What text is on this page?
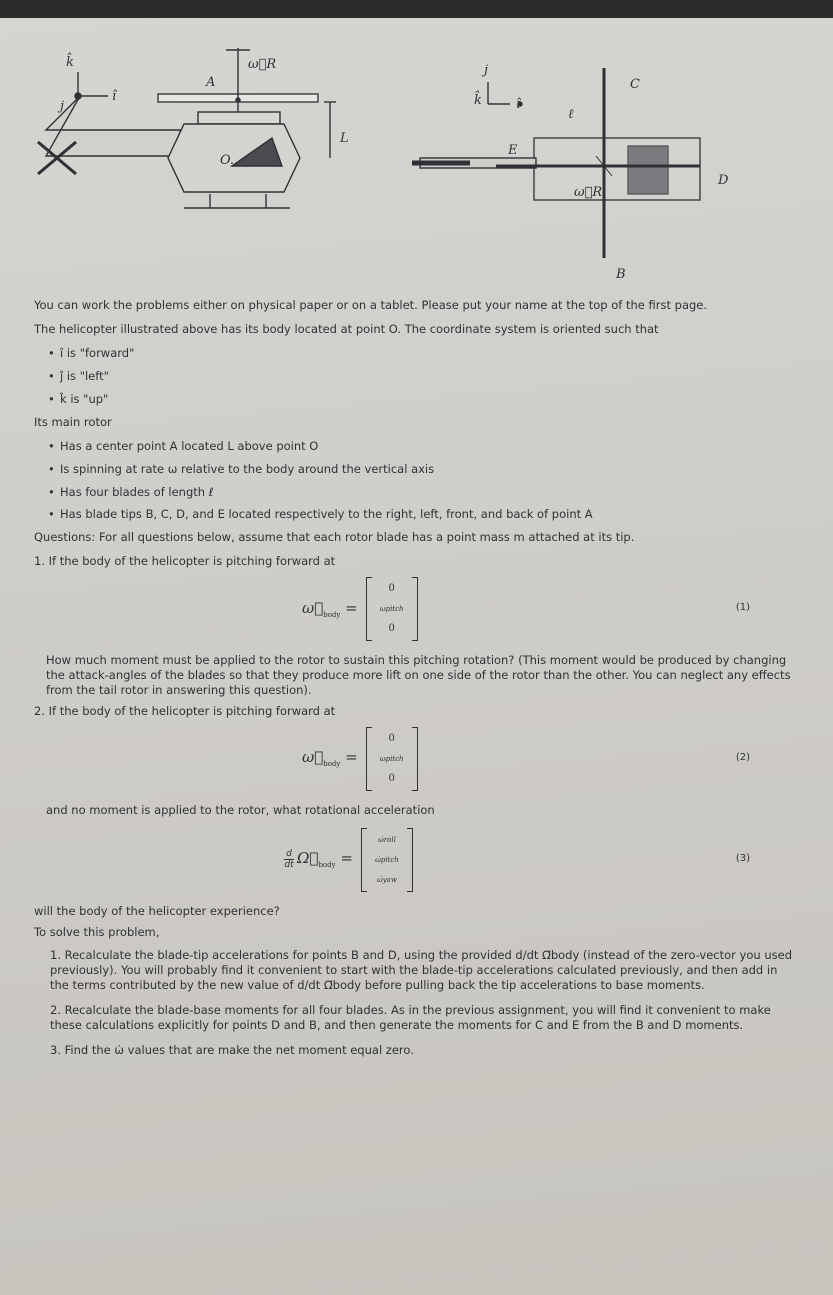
k̂
î
j
A
ω⃗R
O.
L
j
k̂	î
C
ℓ
E
D
ω⃗R
B

You can work the problems either on physical paper or on a tablet. Please put your name at the top of the first page.

The helicopter illustrated above has its body located at point O. The coordinate system is oriented such that

• î is "forward"
• ĵ is "left"
• k̂ is "up"

Its main rotor

• Has a center point A located L above point O
• Is spinning at rate ω relative to the body around the vertical axis
• Has four blades of length ℓ
• Has blade tips B, C, D, and E located respectively to the right, left, front, and back of point A

Questions: For all questions below, assume that each rotor blade has a point mass m attached at its tip.

1. If the body of the helicopter is pitching forward at
$\omega⃗_{body}$ =
0
ωpitch
0
(1)
How much moment must be applied to the rotor to sustain this pitching rotation? (This moment would be produced by changing the attack-angles of the blades so that they produce more lift on one side of the rotor than the other. You can neglect any effects from the tail rotor in answering this question).
2. If the body of the helicopter is pitching forward at
$\omega⃗_{body}$ =
0
ωpitch
0
(2)
and no moment is applied to the rotor, what rotational acceleration
$\frac{d}{dt}$ $\Omega⃗_{body}$ =
ω̇roll
ω̇pitch
ω̇yaw
(3)
will the body of the helicopter experience?
To solve this problem,
1. Recalculate the blade-tip accelerations for points B and D, using the provided d/dt Ω⃗body (instead of the zero-vector you used previously). You will probably find it convenient to start with the blade-tip accelerations calculated previously, and then add in the terms contributed by the new value of d/dt Ω⃗body before pulling back the tip accelerations to base moments.
2. Recalculate the blade-base moments for all four blades. As in the previous assignment, you will find it convenient to make these calculations explicitly for points D and B, and then generate the moments for C and E from the B and D moments.
3. Find the ω̇ values that are make the net moment equal zero.
